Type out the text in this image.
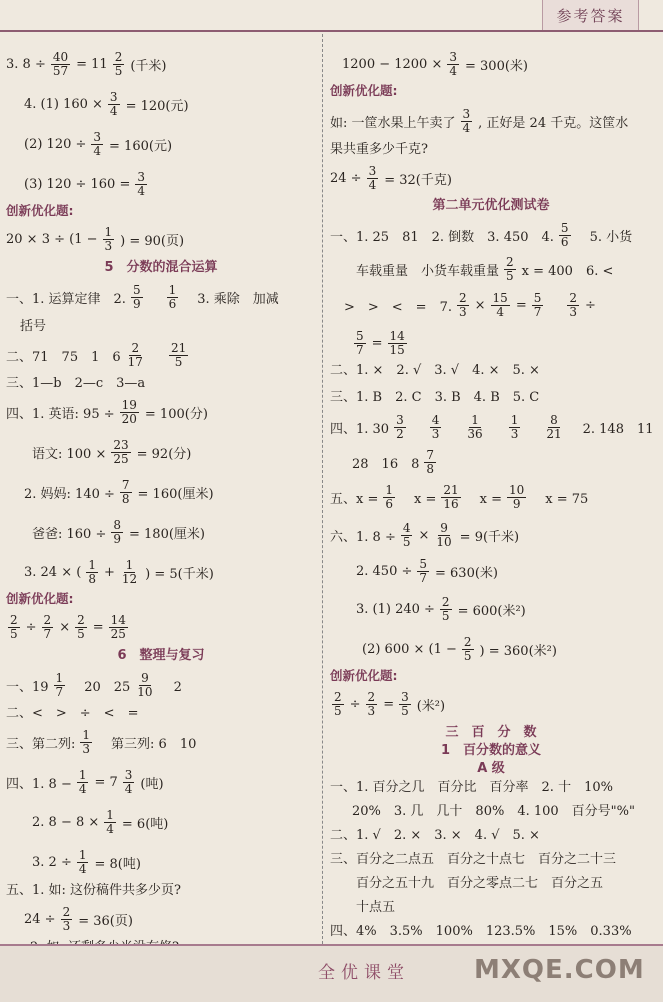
参考答案
3. $8 \div \frac{40}{57} = 11 \frac{2}{5}$ (千米)
4. (1) $160 \times \frac{3}{4} = 120$(元)
(2) $120 \div \frac{3}{4} = 160$(元)
(3) $120 \div 160 = \frac{3}{4}$
创新优化题:
$20 \times 3 \div (1 - \frac{1}{3}$ ) = 90(页)
5　分数的混合运算
一、1. 运算定律　2. $\frac{5}{9}$
　 $\frac{1}{6}$ 　3. 乘除　加减
括号
二、71　75　1　$6 \frac{2}{17}$
　 $\frac{21}{5}$
三、1—b　2—c　3—a
四、1. 英语: $95 \div \frac{19}{20} = 100$(分)
语文: $100 \times \frac{23}{25} = 92$(分)
2. 妈妈: $140 \div \frac{7}{8} = 160$(厘米)
爸爸: $160 \div \frac{8}{9} = 180$(厘米)
3. 24 × ( $\frac{1}{8} + \frac{1}{12}$ ) = 5(千米)
创新优化题:
$\frac{2}{5} \div \frac{2}{7} \times \frac{2}{5} = \frac{14}{25}$
6　整理与复习
一、$19 \frac{1}{7}$ 　20　$25 \frac{9}{10}$ 　2
二、<　>　÷　<　=
三、第二列: $\frac{1}{3}$ 　第三列: 6　10
四、1. $8 - \frac{1}{4} = 7 \frac{3}{4}$ (吨)
2. $8 - 8 \times \frac{1}{4} = 6$(吨)
3. $2 \div \frac{1}{4} = 8$(吨)
五、1. 如: 这份稿件共多少页?
$24 \div \frac{2}{3} = 36$(页)
$1200 - 1200 \times \frac{3}{4} = 300$(米)
创新优化题:
如: 一筐水果上午卖了 $\frac{3}{4}$ , 正好是 24 千克。这筐水
果共重多少千克?
$24 \div \frac{3}{4} = 32$(千克)
第二单元优化测试卷
一、1. 25　81　2. 倒数　3. 450　4. $\frac{5}{6}$ 　5. 小货
车载重量　小货车载重量 $\frac{2}{5}$ x = 400　6. <
>　>　<　=　7. $\frac{2}{3} \times \frac{15}{4} = \frac{5}{7}$
　 $\frac{2}{3}$ ÷
$\frac{5}{7} = \frac{14}{15}$
二、1. ×　2. √　3. √　4. ×　5. ×
三、1. B　2. C　3. B　4. B　5. C
四、1. $30 \frac{3}{2}$
　 $\frac{4}{3}$
　 $\frac{1}{36}$
　 $\frac{1}{3}$
　 $\frac{8}{21}$ 　2. 148　11
28　16　$8 \frac{7}{8}$
五、$x = \frac{1}{6}$ 　$x = \frac{21}{16}$ 　$x = \frac{10}{9}$ 　x = 75
六、1. $8 \div \frac{4}{5} \times \frac{9}{10} = 9$(千米)
2. $450 \div \frac{5}{7} = 630$(米)
3. (1) $240 \div \frac{2}{5} = 600$(米²)
(2) $600 \times (1 - \frac{2}{5}$ ) = 360(米²)
创新优化题:
$\frac{2}{5} \div \frac{2}{3} = \frac{3}{5}$ (米²)
三　百　分　数
1　百分数的意义
A 级
一、1. 百分之几　百分比　百分率　2. 十　10%
20%　3. 几　几十　80%　4. 100　百分号"%"
二、1. √　2. ×　3. ×　4. √　5. ×
三、百分之二点五　百分之十点七　百分之二十三
百分之五十九　百分之零点二七　百分之五
十点五
四、4%　3.5%　100%　123.5%　15%　0.33%
全优课堂 MXQE.COM
